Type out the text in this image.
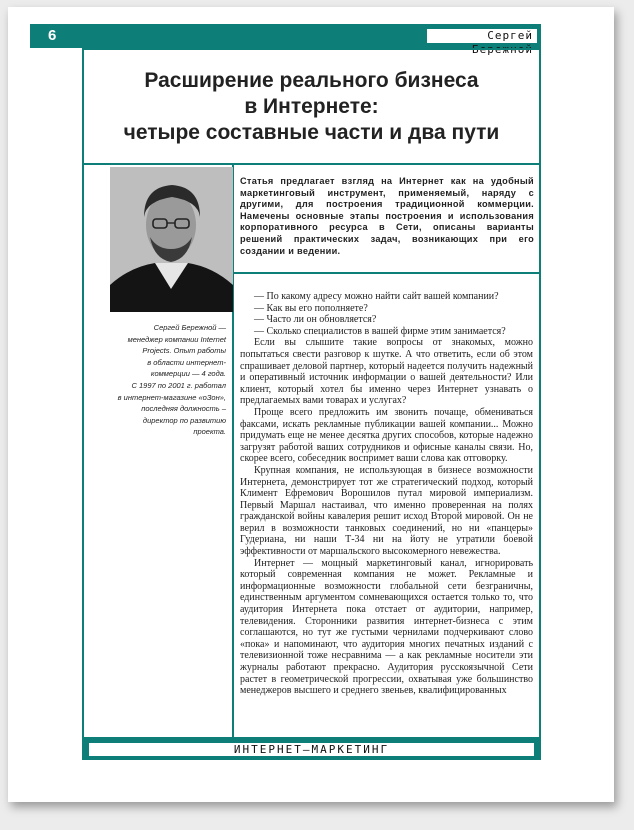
6	Сергей Бережной
Расширение реального бизнеса
в Интернете:
четыре составные части и два пути
Сергей Бережной —
менеджер компании Internet
Projects. Опыт работы
в области интернет-
коммерции — 4 года.
С 1997 по 2001 г. работал
в интернет-магазине «oЗон»,
последняя должность –
директор по развитию
проекта.

Статья предлагает взгляд на Интернет как на удобный маркетинговый инструмент, применяемый, наряду с другими, для построения традиционной коммерции. Намечены основные этапы построения и использования корпоративного ресурса в Сети, описаны варианты решений практических задач, возникающих при его создании и ведении.

— По какому адресу можно найти сайт вашей компании?

— Как вы его пополняете?

— Часто ли он обновляется?

— Сколько специалистов в вашей фирме этим занимается?

Если вы слышите такие вопросы от знакомых, можно попытаться свести разговор к шутке. А что ответить, если об этом спрашивает деловой партнер, который надеется получить надежный и оперативный источник информации о вашей деятельности? Или клиент, который хотел бы именно через Интернет узнавать о предлагаемых вами товарах и услугах?

Проще всего предложить им звонить почаще, обмениваться факсами, искать рекламные публикации вашей компании... Можно придумать еще не менее десятка других способов, которые надежно загрузят работой ваших сотрудников и офисные каналы связи. Но, скорее всего, собеседник воспримет ваши слова как отговорку.

Крупная компания, не использующая в бизнесе возможности Интернета, демонстрирует тот же стратегический подход, который Климент Ефремович Ворошилов путал мировой империализм. Первый Маршал настаивал, что именно проверенная на полях гражданской войны кавалерия решит исход Второй мировой. Он не верил в возможности танковых соединений, но ни «панцеры» Гудериана, ни наши Т-34 ни на йоту не утратили боевой эффективности от маршальского высокомерного невежества.

Интернет — мощный маркетинговый канал, игнорировать который современная компания не может. Рекламные и информационные возможности глобальной сети безграничны, единственным аргументом сомневающихся остается только то, что аудитория Интернета пока отстает от аудитории, например, телевидения. Сторонники развития интернет-бизнеса с этим соглашаются, но тут же густыми чернилами подчеркивают слово «пока» и напоминают, что аудитория многих печатных изданий с телевизионной тоже несравнима — а как рекламные носители эти журналы работают прекрасно. Аудитория русскоязычной Сети растет в геометрической прогрессии, охватывая уже большинство менеджеров высшего и среднего звеньев, квалифицированных

ИНТЕРНЕТ–МАРКЕТИНГ
